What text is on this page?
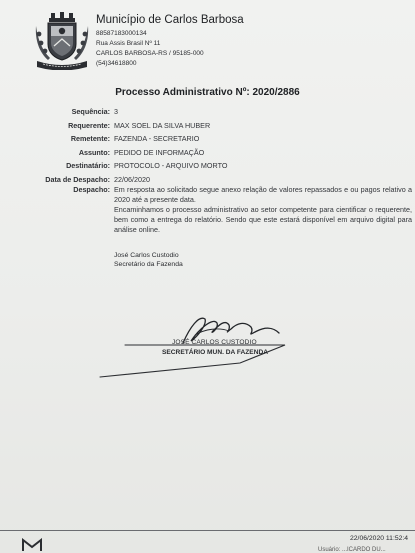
Município de Carlos Barbosa
88587183000134
Rua Assis Brasil Nº 11
CARLOS BARBOSA-RS / 95185-000
(54)34618800
Processo Administrativo Nº: 2020/2886
Sequência: 3
Requerente: MAX SOEL DA SILVA HUBER
Remetente: FAZENDA - SECRETARIO
Assunto: PEDIDO DE INFORMAÇÃO
Destinatário: PROTOCOLO - ARQUIVO MORTO
Data de Despacho: 22/06/2020
Despacho: Em resposta ao solicitado segue anexo relação de valores repassados e ou pagos relativo a 2020 até a presente data.

Encaminhamos o processo administrativo ao setor competente para cientificar o requerente, bem como a entrega do relatório. Sendo que este estará disponível em arquivo digital para análise online.

José Carlos Custodio
Secretário da Fazenda
JOSÉ CARLOS CUSTODIO
SECRETÁRIO MUN. DA FAZENDA
22/06/2020 11:52:4
Usuário: ...ICARDO DU...
